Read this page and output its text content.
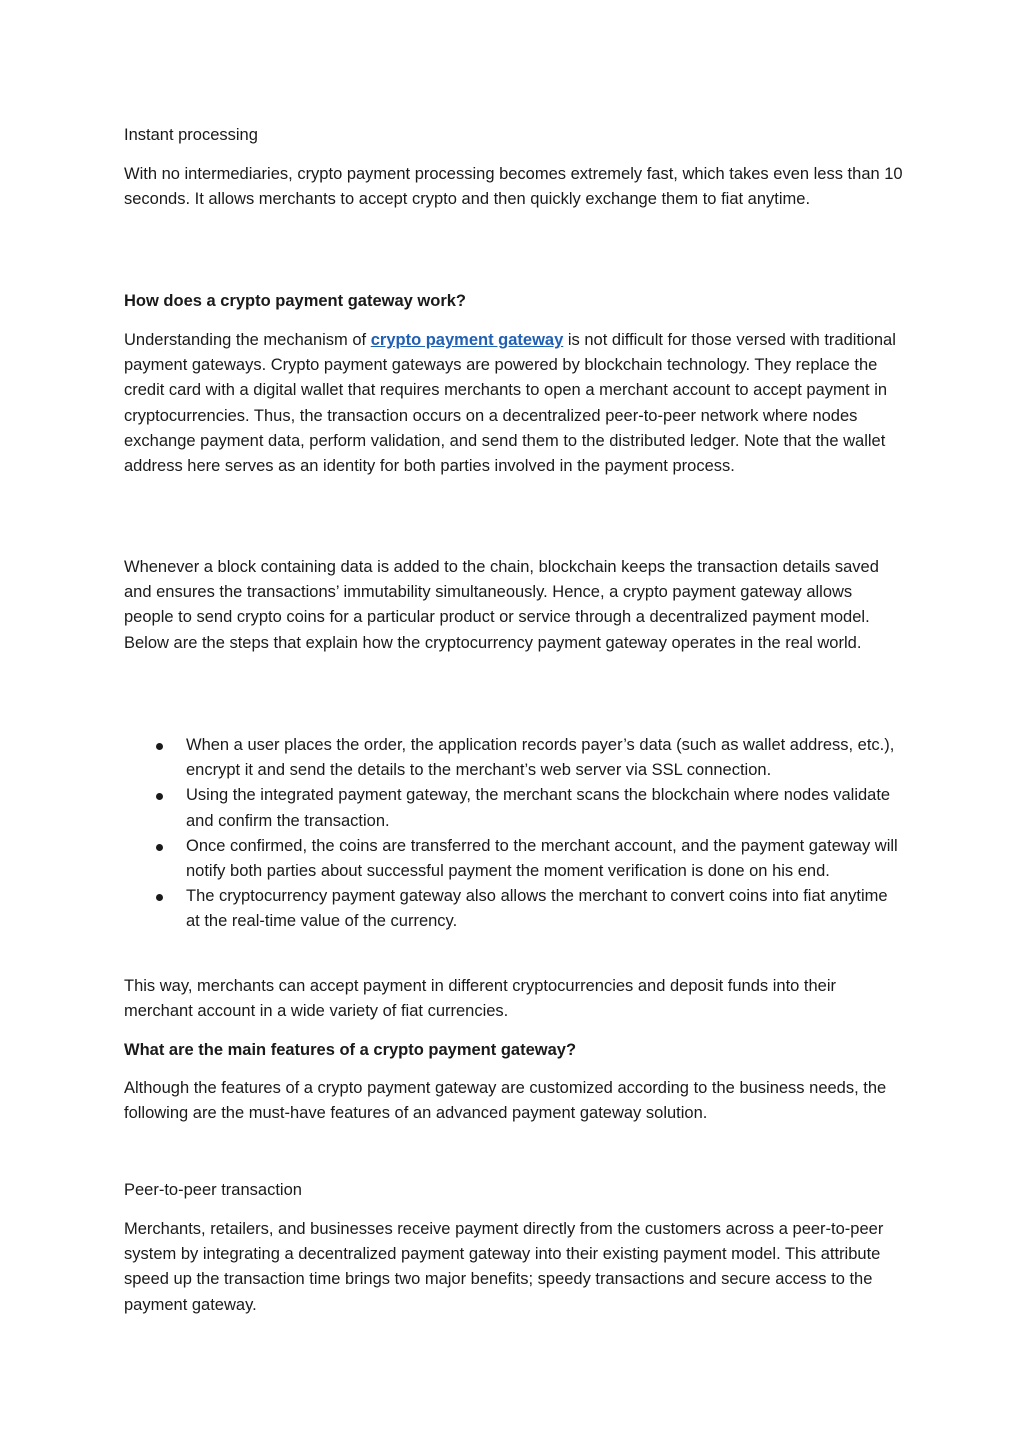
Instant processing

With no intermediaries, crypto payment processing becomes extremely fast, which takes even less than 10 seconds. It allows merchants to accept crypto and then quickly exchange them to fiat anytime.

How does a crypto payment gateway work?

Understanding the mechanism of crypto payment gateway is not difficult for those versed with traditional payment gateways. Crypto payment gateways are powered by blockchain technology. They replace the credit card with a digital wallet that requires merchants to open a merchant account to accept payment in cryptocurrencies. Thus, the transaction occurs on a decentralized peer-to-peer network where nodes exchange payment data, perform validation, and send them to the distributed ledger. Note that the wallet address here serves as an identity for both parties involved in the payment process.

Whenever a block containing data is added to the chain, blockchain keeps the transaction details saved and ensures the transactions’ immutability simultaneously. Hence, a crypto payment gateway allows people to send crypto coins for a particular product or service through a decentralized payment model. Below are the steps that explain how the cryptocurrency payment gateway operates in the real world.

When a user places the order, the application records payer’s data (such as wallet address, etc.), encrypt it and send the details to the merchant’s web server via SSL connection.
Using the integrated payment gateway, the merchant scans the blockchain where nodes validate and confirm the transaction.
Once confirmed, the coins are transferred to the merchant account, and the payment gateway will notify both parties about successful payment the moment verification is done on his end.
The cryptocurrency payment gateway also allows the merchant to convert coins into fiat anytime at the real-time value of the currency.

This way, merchants can accept payment in different cryptocurrencies and deposit funds into their merchant account in a wide variety of fiat currencies.

What are the main features of a crypto payment gateway?

Although the features of a crypto payment gateway are customized according to the business needs, the following are the must-have features of an advanced payment gateway solution.

Peer-to-peer transaction

Merchants, retailers, and businesses receive payment directly from the customers across a peer-to-peer system by integrating a decentralized payment gateway into their existing payment model. This attribute speed up the transaction time brings two major benefits; speedy transactions and secure access to the payment gateway.
